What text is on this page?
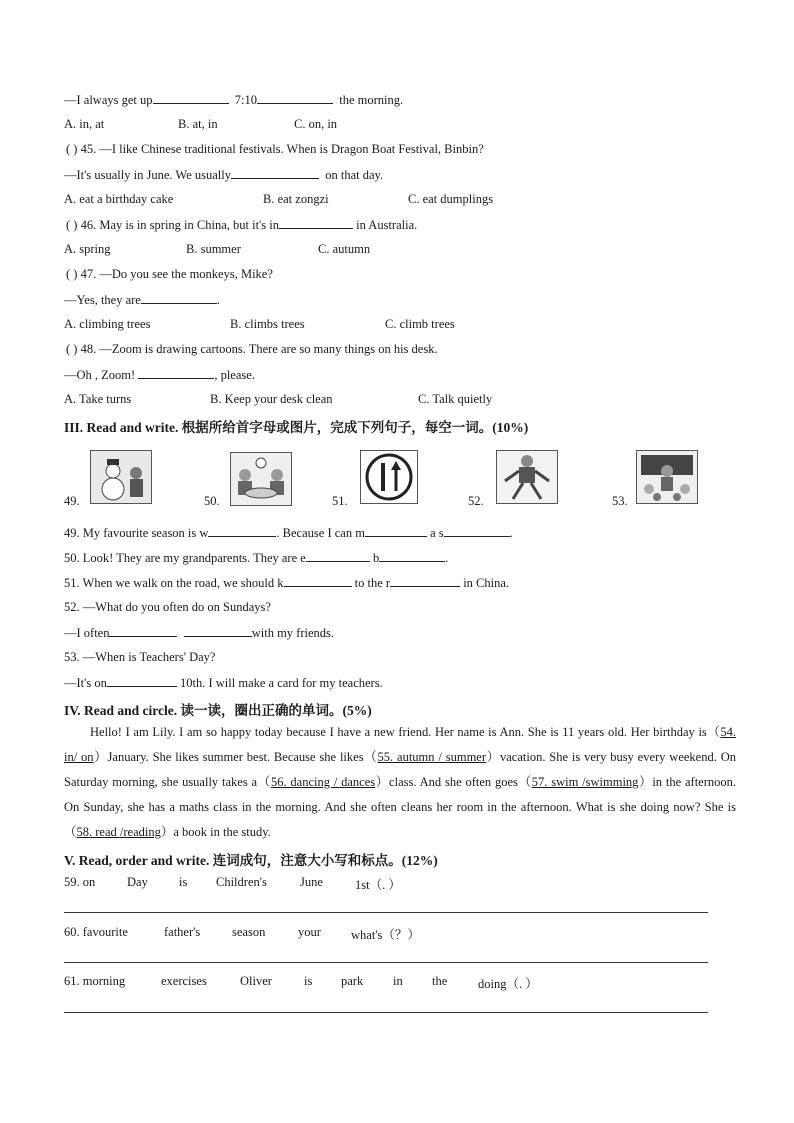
—I always get up	7:10	the morning.
A. in, at	B. at, in	C. on, in
( ) 45. —I like Chinese traditional festivals. When is Dragon Boat Festival, Binbin?
—It's usually in June. We usually	on that day.
A. eat a birthday cake	B. eat zongzi	C. eat dumplings
( ) 46. May is in spring in China, but it's in	in Australia.
A. spring	B. summer	C. autumn
( ) 47. —Do you see the monkeys, Mike?
—Yes, they are	.
A. climbing trees	B. climbs trees	C. climb trees
( ) 48. —Zoom is drawing cartoons. There are so many things on his desk.
—Oh , Zoom!	, please.
A. Take turns	B. Keep your desk clean	C. Talk quietly
III. Read and write. 根据所给首字母或图片，完成下列句子，每空一词。(10%)
49.	50.	51.	52.	53.
49. My favourite season is w	. Because I can m	a s	.
50. Look! They are my grandparents. They are e	b	.
51. When we walk on the road, we should k	to the r	in China.
52. —What do you often do on Sundays?
—I often	with my friends.
53. —When is Teachers' Day?
—It's on	10th. I will make a card for my teachers.
IV. Read and circle. 读一读，圈出正确的单词。(5%)

Hello! I am Lily. I am so happy today because I have a new friend. Her name is Ann. She is 11 years old. Her birthday is（54. in/ on）January. She likes summer best. Because she likes（55. autumn / summer）vacation. She is very busy every weekend. On Saturday morning, she usually takes a（56. dancing / dances）class. And she often goes（57. swim /swimming）in the afternoon. On Sunday, she has a maths class in the morning. And she often cleans her room in the afternoon. What is she doing now? She is（58. read /reading）a book in the study.

V. Read, order and write. 连词成句，注意大小写和标点。(12%)
59. on	Day is Children's	June	1st（. ）
60. favourite	father's	season	your what's（？）
61. morning	exercises	Oliver	is park in the doing（. ）
